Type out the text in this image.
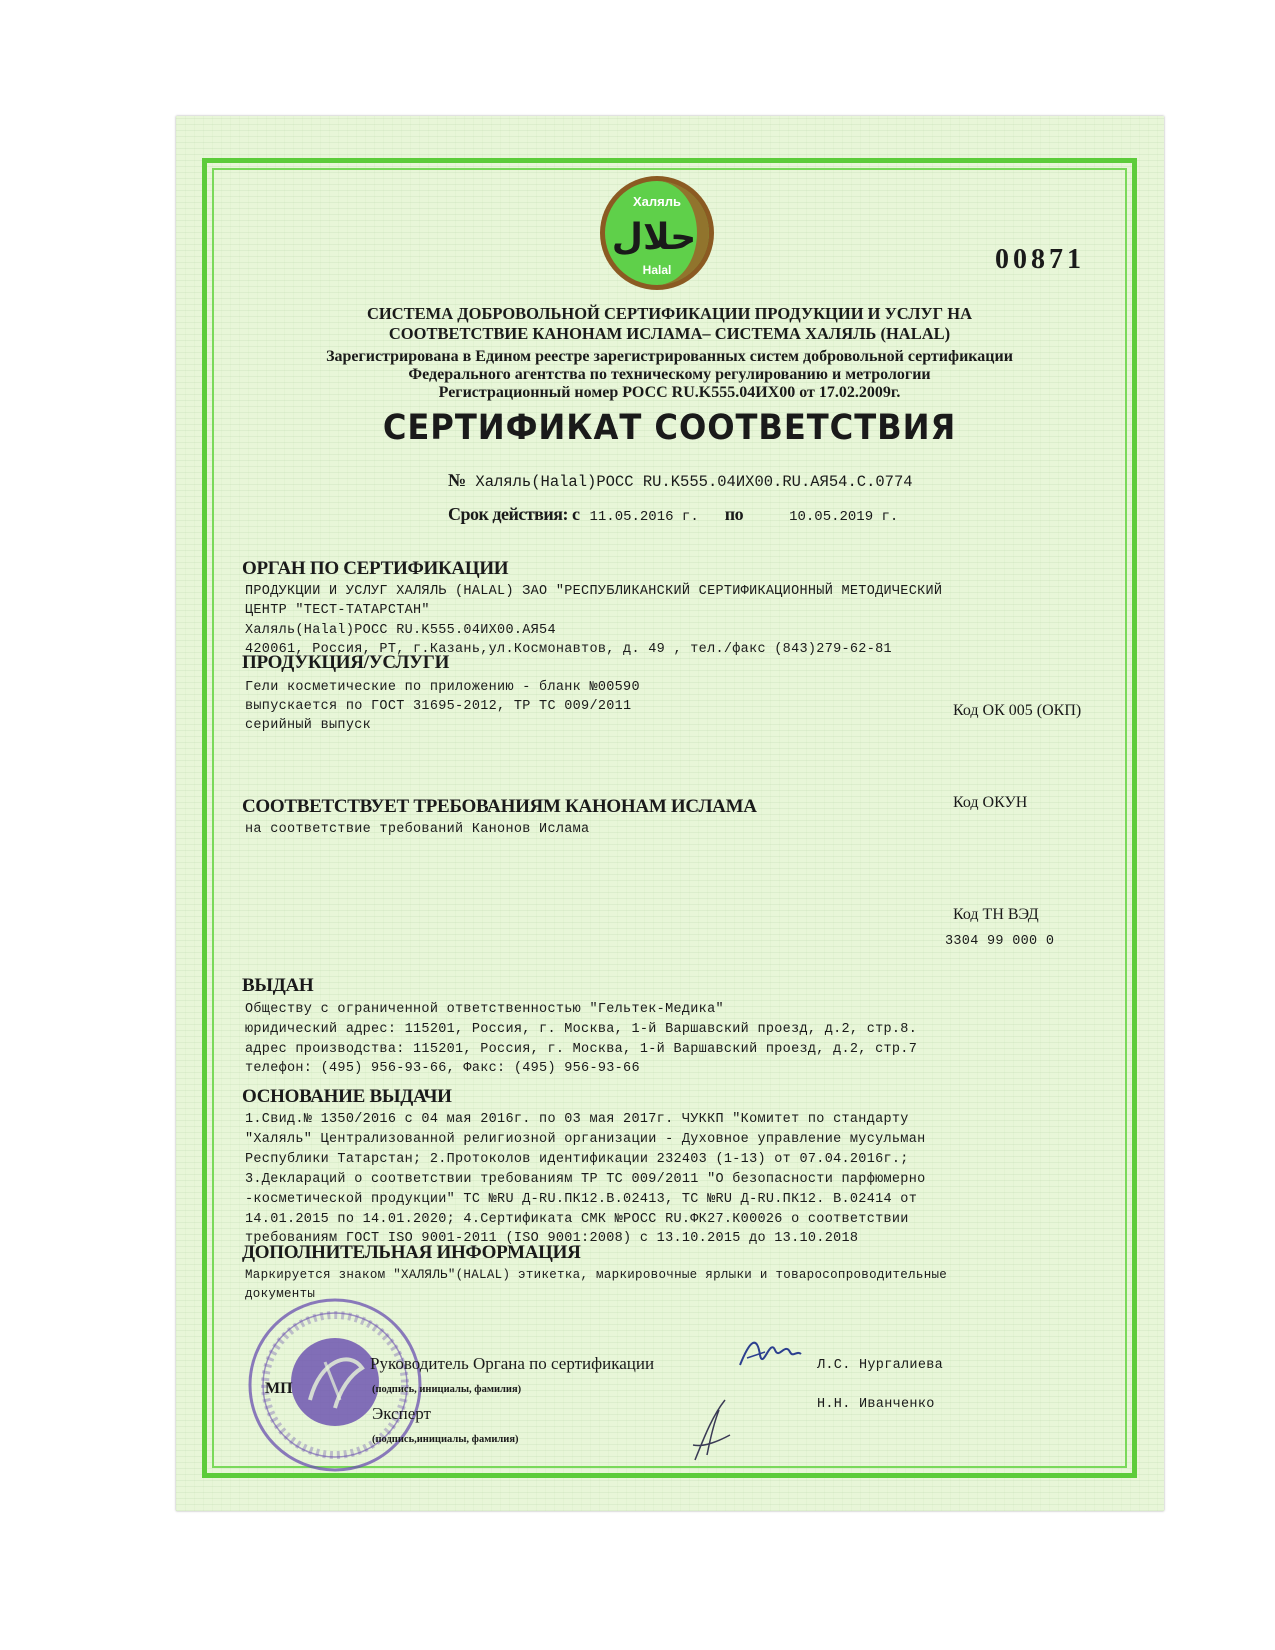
Халяль
حلال
Halal	00871
СИСТЕМА ДОБРОВОЛЬНОЙ СЕРТИФИКАЦИИ ПРОДУКЦИИ И УСЛУГ НА
СООТВЕТСТВИЕ КАНОНАМ ИСЛАМА– СИСТЕМА ХАЛЯЛЬ (HALAL)
Зарегистрирована в Едином реестре зарегистрированных систем добровольной сертификации
Федерального агентства по техническому регулированию и метрологии
Регистрационный номер РОСС RU.K555.04ИХ00 от 17.02.2009г.
СЕРТИФИКАТ СООТВЕТСТВИЯ
№ Халяль(Halal)РОСС RU.K555.04ИХ00.RU.АЯ54.С.0774
Срок действия: с 11.05.2016 г. по	10.05.2019 г.
ОРГАН ПО СЕРТИФИКАЦИИ
ПРОДУКЦИИ И УСЛУГ ХАЛЯЛЬ (HALAL) ЗАО "РЕСПУБЛИКАНСКИЙ СЕРТИФИКАЦИОННЫЙ МЕТОДИЧЕСКИЙ
ЦЕНТР "ТЕСТ-ТАТАРСТАН"
Халяль(Halal)РОСС RU.K555.04ИХ00.АЯ54
420061, Россия, РТ, г.Казань,ул.Космонавтов, д. 49 , тел./факс (843)279-62-81
ПРОДУКЦИЯ/УСЛУГИ
Гели косметические по приложению - бланк №00590
выпускается по ГОСТ 31695-2012, ТР ТС 009/2011
серийный выпуск
Код ОК 005 (ОКП)
СООТВЕТСТВУЕТ ТРЕБОВАНИЯМ КАНОНАМ ИСЛАМА	Код ОКУН
на соответствие требований Канонов Ислама
Код ТН ВЭД
3304 99 000 0
ВЫДАН
Обществу с ограниченной ответственностью "Гельтек-Медика"
юридический адрес: 115201, Россия, г. Москва, 1-й Варшавский проезд, д.2, стр.8.
адрес производства: 115201, Россия, г. Москва, 1-й Варшавский проезд, д.2, стр.7
телефон: (495) 956-93-66, Факс: (495) 956-93-66
ОСНОВАНИЕ ВЫДАЧИ
1.Свид.№ 1350/2016 с 04 мая 2016г. по 03 мая 2017г. ЧУККП "Комитет по стандарту
"Халяль" Централизованной религиозной организации - Духовное управление мусульман
Республики Татарстан; 2.Протоколов идентификации 232403 (1-13) от 07.04.2016г.;
3.Деклараций о соответствии требованиям ТР ТС 009/2011 "О безопасности парфюмерно
-косметической продукции" ТС №RU Д-RU.ПК12.В.02413, ТС №RU Д-RU.ПК12. В.02414 от
14.01.2015 по 14.01.2020; 4.Сертификата СМК №РОСС RU.ФК27.К00026 о соответствии
требованиям ГОСТ ISO 9001-2011 (ISO 9001:2008) с 13.10.2015 до 13.10.2018
ДОПОЛНИТЕЛЬНАЯ ИНФОРМАЦИЯ
Маркируется знаком "ХАЛЯЛЬ"(HALAL) этикетка, маркировочные ярлыки и товаросопроводительные
документы
МП
Руководитель Органа по сертификации
(подпись, инициалы, фамилия)
Эксперт
(подпись,инициалы, фамилия)
Л.С. Нургалиева
Н.Н. Иванченко
